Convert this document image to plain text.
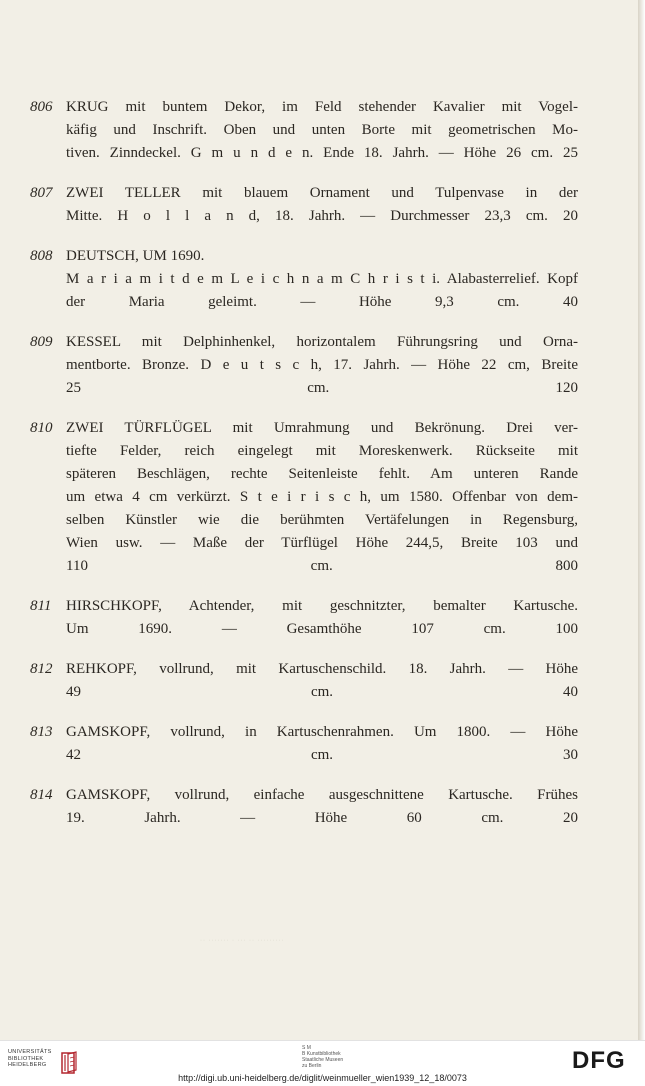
806 KRUG mit buntem Dekor, im Feld stehender Kavalier mit Vogel-
käfig und Inschrift. Oben und unten Borte mit geometrischen Mo-
tiven. Zinndeckel. G m u n d e n. Ende 18. Jahrh. — Höhe 26 cm. 25
807 ZWEI TELLER mit blauem Ornament und Tulpenvase in der
Mitte. H o l l a n d, 18. Jahrh. — Durchmesser 23,3 cm. 20
808 DEUTSCH, UM 1690.
M a r i a m i t d e m L e i c h n a m C h r i s t i. Alabasterrelief. Kopf
der Maria geleimt. — Höhe 9,3 cm. 40
809 KESSEL mit Delphinhenkel, horizontalem Führungsring und Orna-
mentborte. Bronze. D e u t s c h, 17. Jahrh. — Höhe 22 cm, Breite
25 cm. 120
810 ZWEI TÜRFLÜGEL mit Umrahmung und Bekrönung. Drei ver-
tiefte Felder, reich eingelegt mit Moreskenwerk. Rückseite mit
späteren Beschlägen, rechte Seitenleiste fehlt. Am unteren Rande
um etwa 4 cm verkürzt. S t e i r i s c h, um 1580. Offenbar von dem-
selben Künstler wie die berühmten Vertäfelungen in Regensburg,
Wien usw. — Maße der Türflügel Höhe 244,5, Breite 103 und
110 cm. 800
811 HIRSCHKOPF, Achtender, mit geschnitzter, bemalter Kartusche.
Um 1690. — Gesamthöhe 107 cm. 100
812 REHKOPF, vollrund, mit Kartuschenschild. 18. Jahrh. — Höhe
49 cm. 40
813 GAMSKOPF, vollrund, in Kartuschenrahmen. Um 1800. — Höhe
42 cm. 30
814 GAMSKOPF, vollrund, einfache ausgeschnittene Kartusche. Frühes
19. Jahrh. — Höhe 60 cm. 20
·· ······· · ··· ·· ·········
UNIVERSITÄTS
BIBLIOTHEK
HEIDELBERG
S M
B Kunstbibliothek
Staatliche Museen
zu Berlin	DFG
http://digi.ub.uni-heidelberg.de/diglit/weinmueller_wien1939_12_18/0073
